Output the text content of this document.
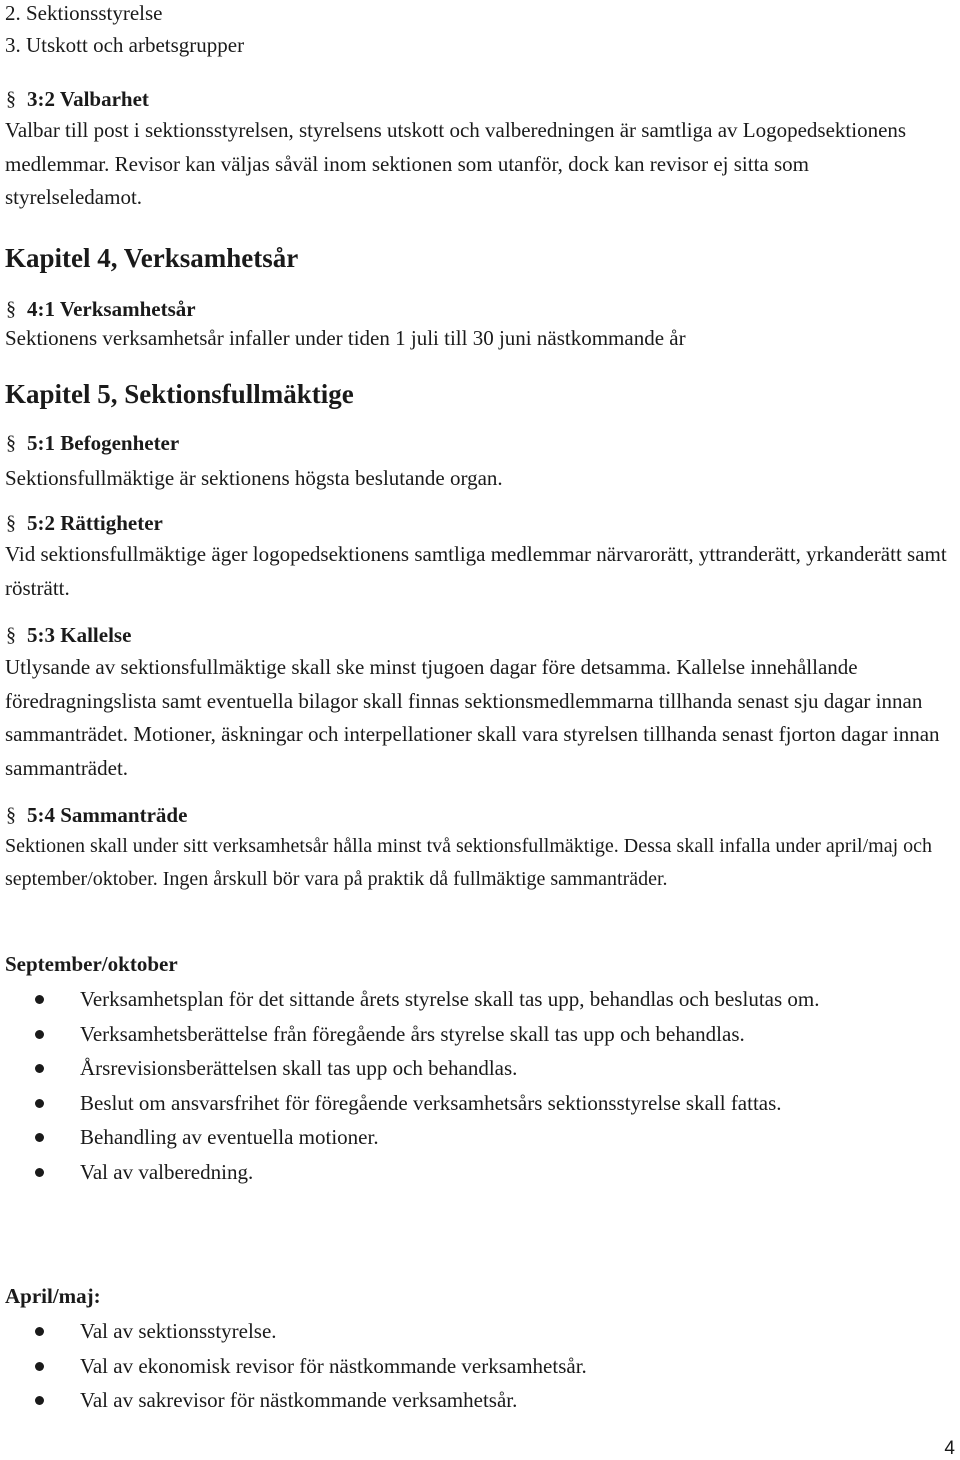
2. Sektionsstyrelse
3. Utskott och arbetsgrupper
§ 3:2 Valbarhet
Valbar till post i sektionsstyrelsen, styrelsens utskott och valberedningen är samtliga av Logopedsektionens medlemmar. Revisor kan väljas såväl inom sektionen som utanför, dock kan revisor ej sitta som styrelseledamot.
Kapitel 4, Verksamhetsår
§ 4:1 Verksamhetsår
Sektionens verksamhetsår infaller under tiden 1 juli till 30 juni nästkommande år
Kapitel 5, Sektionsfullmäktige
§ 5:1 Befogenheter
Sektionsfullmäktige är sektionens högsta beslutande organ.
§ 5:2 Rättigheter
Vid sektionsfullmäktige äger logopedsektionens samtliga medlemmar närvarorätt, yttranderätt, yrkanderätt samt rösträtt.
§ 5:3 Kallelse
Utlysande av sektionsfullmäktige skall ske minst tjugoen dagar före detsamma. Kallelse innehållande föredragningslista samt eventuella bilagor skall finnas sektionsmedlemmarna tillhanda senast sju dagar innan sammanträdet. Motioner, äskningar och interpellationer skall vara styrelsen tillhanda senast fjorton dagar innan sammanträdet.
§ 5:4 Sammanträde
Sektionen skall under sitt verksamhetsår hålla minst två sektionsfullmäktige. Dessa skall infalla under april/maj och september/oktober. Ingen årskull bör vara på praktik då fullmäktige sammanträder.
September/oktober
Verksamhetsplan för det sittande årets styrelse skall tas upp, behandlas och beslutas om.
Verksamhetsberättelse från föregående års styrelse skall tas upp och behandlas.
Årsrevisionsberättelsen skall tas upp och behandlas.
Beslut om ansvarsfrihet för föregående verksamhetsårs sektionsstyrelse skall fattas.
Behandling av eventuella motioner.
Val av valberedning.
April/maj:
Val av sektionsstyrelse.
Val av ekonomisk revisor för nästkommande verksamhetsår.
Val av sakrevisor för nästkommande verksamhetsår.
4
